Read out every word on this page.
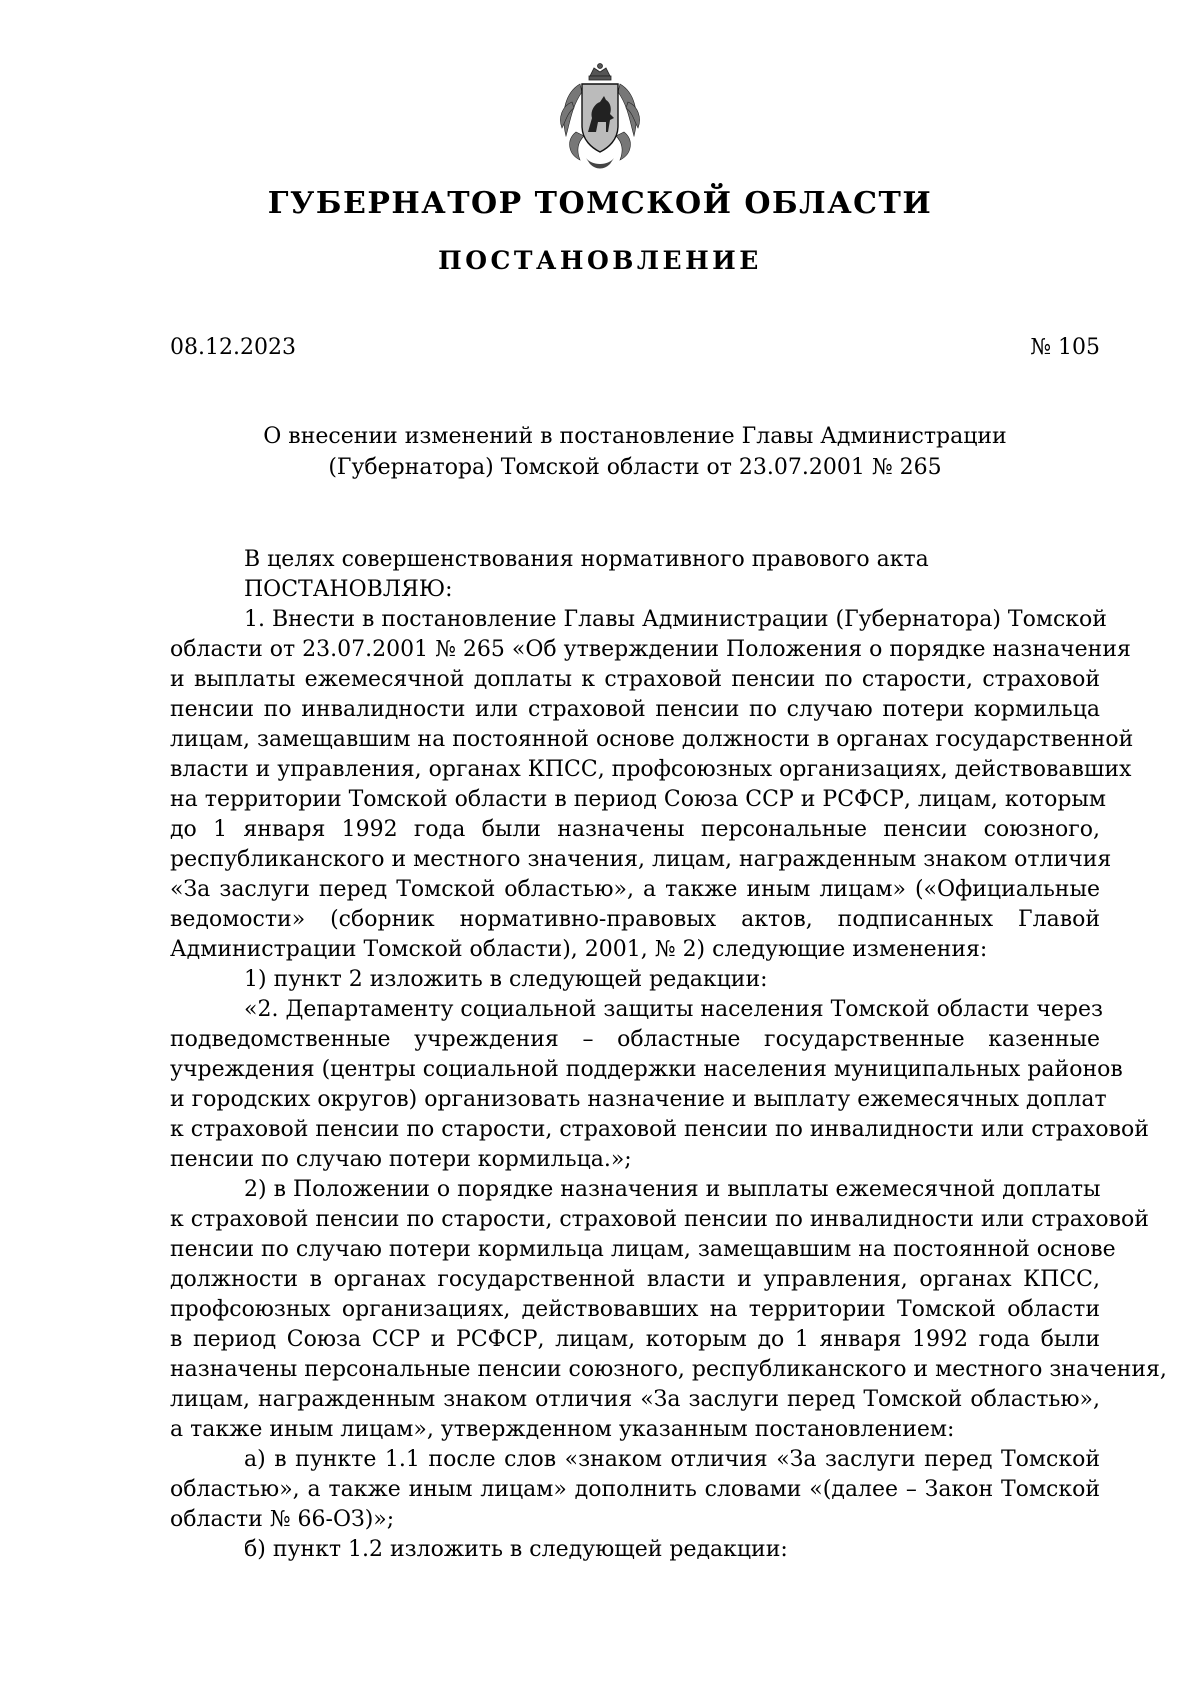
ГУБЕРНАТОР ТОМСКОЙ ОБЛАСТИ
ПОСТАНОВЛЕНИЕ
08.12.2023	№ 105
О внесении изменений в постановление Главы Администрации
(Губернатора) Томской области от 23.07.2001 № 265
В целях совершенствования нормативного правового акта
ПОСТАНОВЛЯЮ:
1. Внести в постановление Главы Администрации (Губернатора) Томской
области от 23.07.2001 № 265 «Об утверждении Положения о порядке назначения
и выплаты ежемесячной доплаты к страховой пенсии по старости, страховой
пенсии по инвалидности или страховой пенсии по случаю потери кормильца
лицам, замещавшим на постоянной основе должности в органах государственной
власти и управления, органах КПСС, профсоюзных организациях, действовавших
на территории Томской области в период Союза ССР и РСФСР, лицам, которым
до 1 января 1992 года были назначены персональные пенсии союзного,
республиканского и местного значения, лицам, награжденным знаком отличия
«За заслуги перед Томской областью», а также иным лицам» («Официальные
ведомости» (сборник нормативно-правовых актов, подписанных Главой
Администрации Томской области), 2001, № 2) следующие изменения:
1) пункт 2 изложить в следующей редакции:
«2. Департаменту социальной защиты населения Томской области через
подведомственные учреждения – областные государственные казенные
учреждения (центры социальной поддержки населения муниципальных районов
и городских округов) организовать назначение и выплату ежемесячных доплат
к страховой пенсии по старости, страховой пенсии по инвалидности или страховой
пенсии по случаю потери кормильца.»;
2) в Положении о порядке назначения и выплаты ежемесячной доплаты
к страховой пенсии по старости, страховой пенсии по инвалидности или страховой
пенсии по случаю потери кормильца лицам, замещавшим на постоянной основе
должности в органах государственной власти и управления, органах КПСС,
профсоюзных организациях, действовавших на территории Томской области
в период Союза ССР и РСФСР, лицам, которым до 1 января 1992 года были
назначены персональные пенсии союзного, республиканского и местного значения,
лицам, награжденным знаком отличия «За заслуги перед Томской областью»,
а также иным лицам», утвержденном указанным постановлением:
а) в пункте 1.1 после слов «знаком отличия «За заслуги перед Томской
областью», а также иным лицам» дополнить словами «(далее – Закон Томской
области № 66-ОЗ)»;
б) пункт 1.2 изложить в следующей редакции:
